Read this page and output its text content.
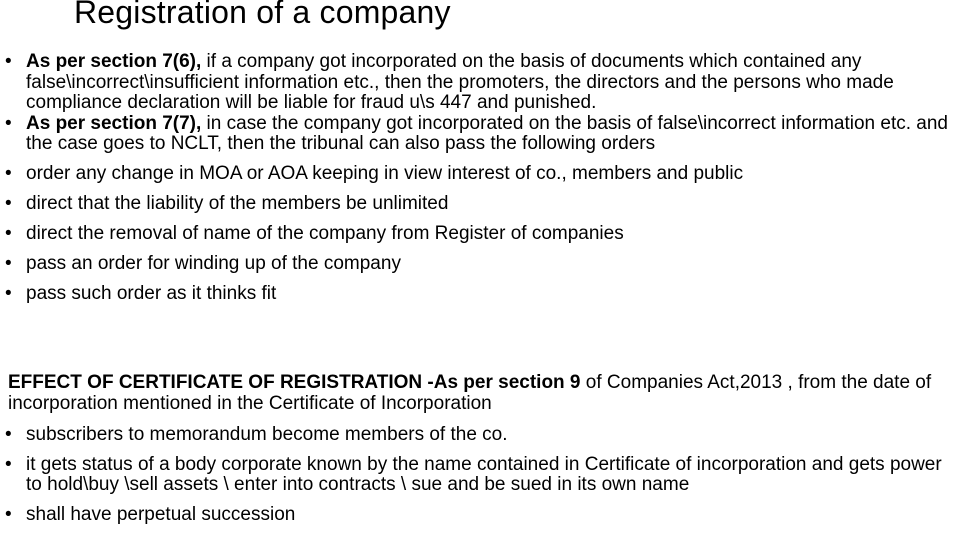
Registration of a company
• As per section 7(6), if a company got incorporated on the basis of documents which contained any false\incorrect\insufficient information etc., then the promoters, the directors and the persons who made compliance declaration will be liable for fraud u\s 447 and punished.
• As per section 7(7), in case the company got incorporated on the basis of false\incorrect information etc. and the case goes to NCLT, then the tribunal can also pass the following orders
• order any change in MOA or AOA keeping in view interest of co., members and public
• direct that the liability of the members be unlimited
• direct the removal of name of the company from Register of companies
• pass an order for winding up of the company
• pass such order as it thinks fit
EFFECT OF CERTIFICATE OF REGISTRATION -As per section 9 of Companies Act,2013 , from the date of incorporation mentioned in the Certificate of Incorporation
• subscribers to memorandum become members of the co.
• it gets status of a body corporate known by the name contained in Certificate of incorporation and gets power to hold\buy \sell assets \ enter into contracts \ sue and be sued in its own name
• shall have perpetual succession
